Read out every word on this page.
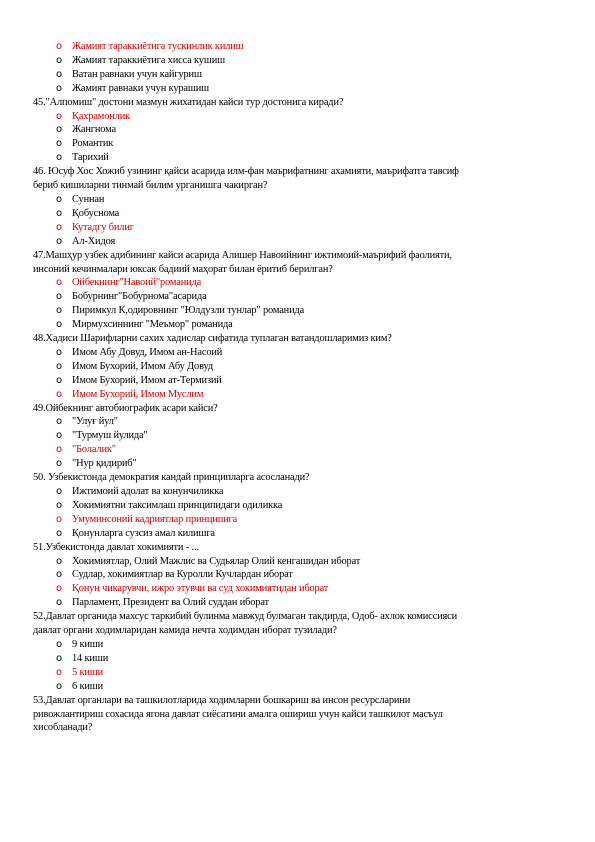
o Жамият тараккиётига тускинлик килиш
o Жамият тараккиётига хисса кушиш
o Ватан равнаки учун кайгуриш
o Жамият равнаки учун курашиш
45."Алпомиш" достони мазмун жихатидан кайси тур достонига киради?
o Қахрамонлик
o Жангнома
o Романтик
o Тарихий
46. Юсуф Хос Хожиб узининг қайси асарида илм-фан маърифатнинг ахамияти, маърифатга тавсиф
бериб кишиларни тинмай билим урганишга чакирган?
o Суннан
o Қобуснома
o Кутадгу билиг
o Ал-Хидоя
47.Машҳур узбек адибининг кайси асарида Алишер Навоийнинг ижтимоий-маърифий фаолияти,
инсоний кечинмалари юксак бадиий маҳорат билан ёритиб берилган?
o Ойбекнинг"Навоий"романида
o Бобурнинг"Бобурнома"асарида
o Пиримкул К,одировнинг "Юлдузли тунлар" романида
o Мирмухсиннинг "Меъмор" романида
48.Хадиси Шарифларни сахих хадислар сифатида туплаган ватандошларимиз ким?
o Имом Абу Довуд, Имом ан-Насоий
o Имом Бухорий, Имом Абу Довуд
o Имом Бухорий, Имом ат-Термизий
o Имом Бухорий, Имом Муслим
49.Ойбекнинг автобиографик асари кайси?
o "Улуғ йул"
o "Турмуш йулида"
o "Болалик"
o "Нур қидириб"
50. Узбекистонда демократия кандай принципларга асосланади?
o Ижтимоий адолат ва конунчиликка
o Хокимиятни таксимлаш принципидаги одиликка
o Умуминсоний кадриятлар принципига
o Қонунларга сузсиз амал килишга
51.Узбекистонда давлат хокимияти - ...
o Хокимиятлар, Олий Мажлис ва Судьялар Олий кенгашидан иборат
o Судлар, хокимиятлар ва Куролли Кучлардан иборат
o Қонун чикарувчи, ижро этувчи ва суд хокимиятидан иборат
o Парламент, Президент ва Олий суддан иборат
52.Давлат органида махсус таркибий булинма мавжуд булмаган такдирда, Одоб- ахлок комиссияси
давлат органи ходимларидан камида нечта ходимдан иборат тузилади?
o 9 киши
o 14 киши
o 5 киши
o 6 киши
53.Давлат органлари ва ташкилотларида ходимларни бошкариш ва инсон ресурсларини
ривожлантириш сохасида ягона давлат сиёсатини амалга ошириш учун кайси ташкилот масъул
хисобланади?
